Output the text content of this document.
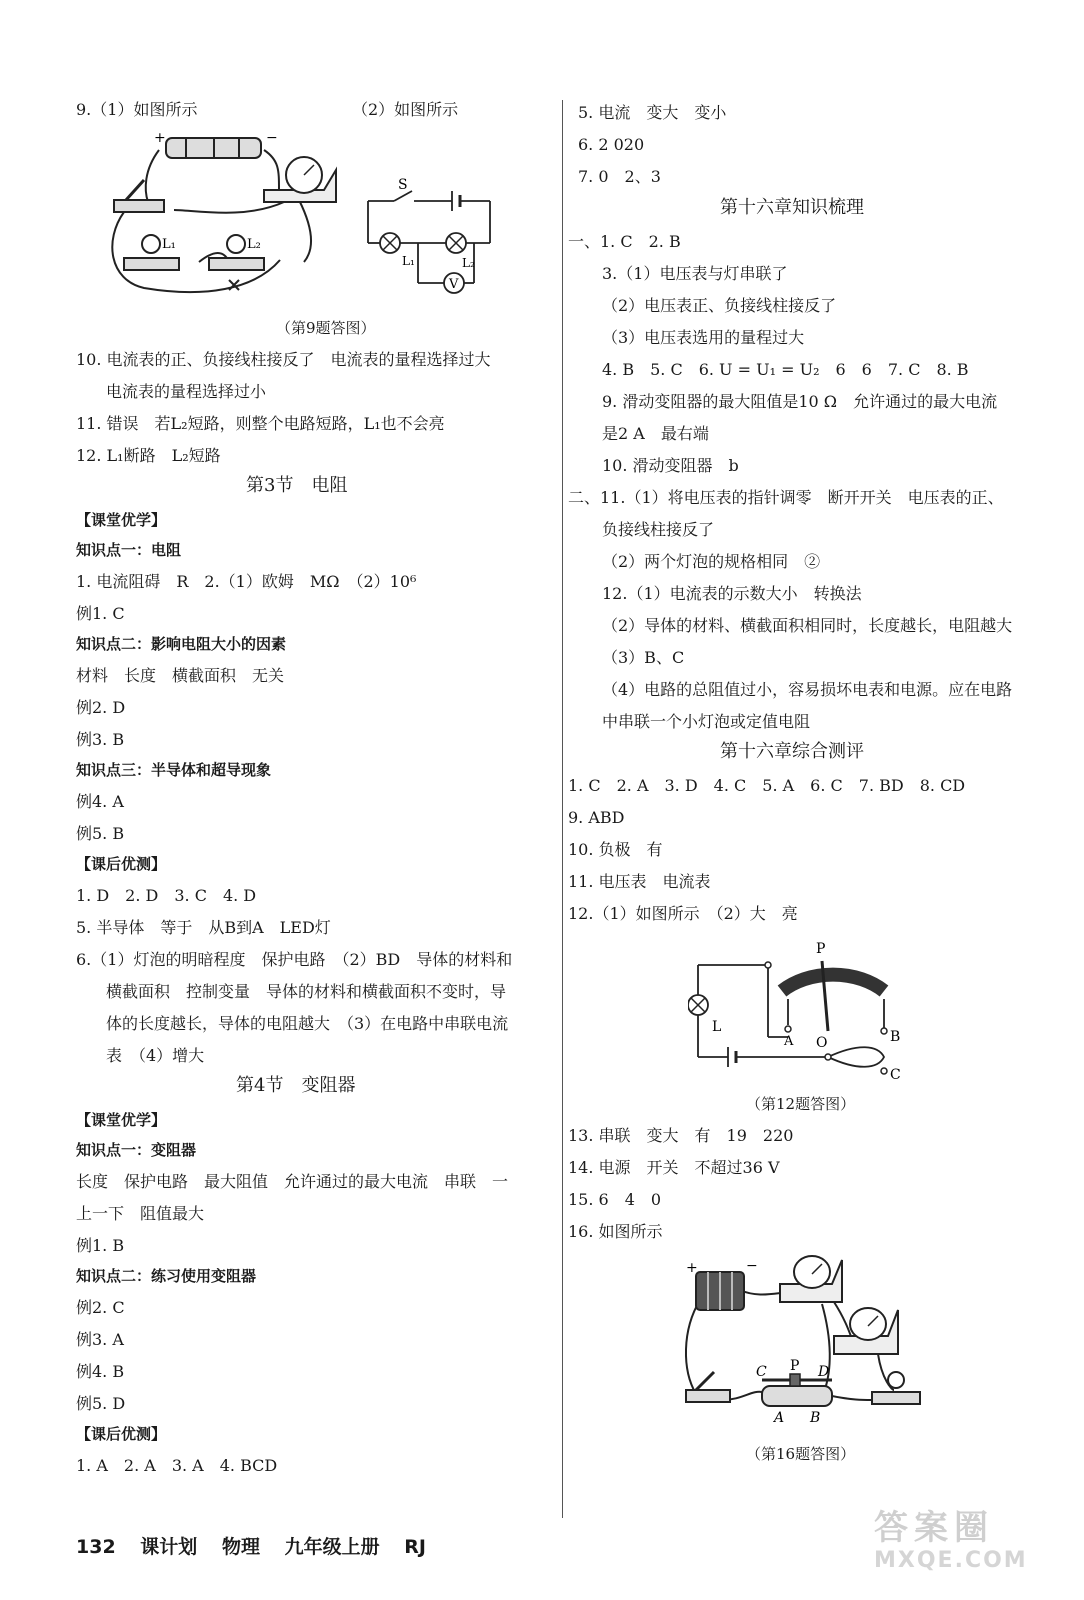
9.（1）如图所示	（2）如图所示
+	−
L₁	L₂
V
S
L₁	L₂
（第9题答图）
10. 电流表的正、负接线柱接反了　电流表的量程选择过大
电流表的量程选择过小
11. 错误　若L₂短路，则整个电路短路，L₁也不会亮
12. L₁断路　L₂短路
第3节　电阻
【课堂优学】
知识点一：电阻
1. 电流阻碍　R　2.（1）欧姆　MΩ　（2）10⁶
例1. C
知识点二：影响电阻大小的因素
材料　长度　横截面积　无关
例2. D
例3. B
知识点三：半导体和超导现象
例4. A
例5. B
【课后优测】
1. D　2. D　3. C　4. D
5. 半导体　等于　从B到A　LED灯
6.（1）灯泡的明暗程度　保护电路　（2）BD　导体的材料和
横截面积　控制变量　导体的材料和横截面积不变时，导
体的长度越长，导体的电阻越大　（3）在电路中串联电流
表　（4）增大
第4节　变阻器
【课堂优学】
知识点一：变阻器
长度　保护电路　最大阻值　允许通过的最大电流　串联　一
上一下　阻值最大
例1. B
知识点二：练习使用变阻器
例2. C
例3. A
例4. B
例5. D
【课后优测】
1. A　2. A　3. A　4. BCD
5. 电流　变大　变小
6. 2 020
7. 0　2、3
第十六章知识梳理
一、1. C　2. B
3.（1）电压表与灯串联了
（2）电压表正、负接线柱接反了
（3）电压表选用的量程过大
4. B　5. C　6. U = U₁ = U₂　6　6　7. C　8. B
9. 滑动变阻器的最大阻值是10 Ω　允许通过的最大电流
是2 A　最右端
10. 滑动变阻器　b
二、11.（1）将电压表的指针调零　断开开关　电压表的正、
负接线柱接反了
（2）两个灯泡的规格相同　②
12.（1）电流表的示数大小　转换法
（2）导体的材料、横截面积相同时，长度越长，电阻越大
（3）B、C
（4）电路的总阻值过小，容易损坏电表和电源。应在电路
中串联一个小灯泡或定值电阻
第十六章综合测评
1. C　2. A　3. D　4. C　5. A　6. C　7. BD　8. CD
9. ABD
10. 负极　有
11. 电压表　电流表
12.（1）如图所示　（2）大　亮
P
L
A O	B
C
（第12题答图）
13. 串联　变大　有　19　220
14. 电源　开关　不超过36 V
15. 6　4　0
16. 如图所示
+	−
C P D
A B
（第16题答图）
132 课计划 物理 九年级上册 RJ	答案圈
MXQE.COM
